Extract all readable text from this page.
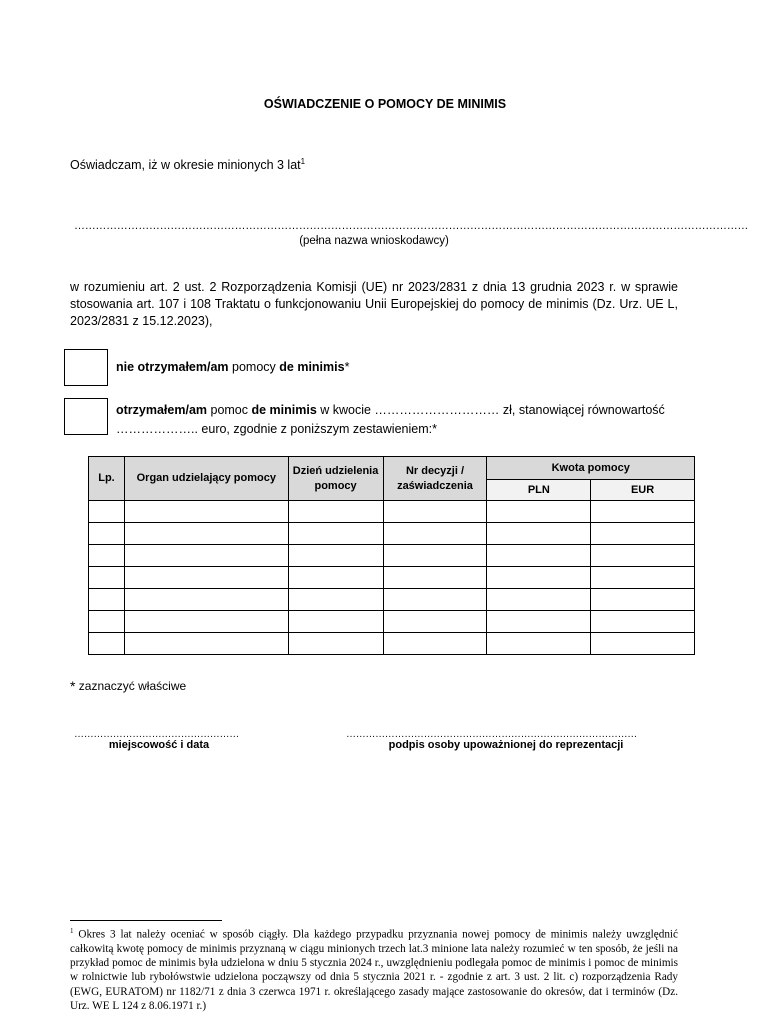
OŚWIADCZENIE O POMOCY DE MINIMIS
Oświadczam, iż w okresie minionych 3 lat$^1$
………………………………………………………………………………………………………………………………………………………………………
(pełna nazwa wnioskodawcy)
w rozumieniu art. 2 ust. 2 Rozporządzenia Komisji (UE) nr 2023/2831 z dnia 13 grudnia 2023 r. w sprawie stosowania art. 107 i 108 Traktatu o funkcjonowaniu Unii Europejskiej do pomocy de minimis (Dz. Urz. UE L, 2023/2831 z 15.12.2023),
nie otrzymałem/am pomocy de minimis*
otrzymałem/am pomoc de minimis w kwocie ………………………… zł, stanowiącej równowartość ……………….. euro, zgodnie z poniższym zestawieniem:*
Lp.	Organ udzielający pomocy	Dzień udzielenia pomocy	Nr decyzji / zaświadczenia	Kwota pomocy	
				PLN	EUR

* zaznaczyć właściwe
……………………………………………
miejscowość i data
………………………………………………………………………………
podpis osoby upoważnionej do reprezentacji
$^1$ Okres 3 lat należy oceniać w sposób ciągły. Dla każdego przypadku przyznania nowej pomocy de minimis należy uwzględnić całkowitą kwotę pomocy de minimis przyznaną w ciągu minionych trzech lat.3 minione lata należy rozumieć w ten sposób, że jeśli na przykład pomoc de minimis była udzielona w dniu 5 stycznia 2024 r., uwzględnieniu podlegała pomoc de minimis i pomoc de minimis w rolnictwie lub rybołówstwie udzielona począwszy od dnia 5 stycznia 2021 r. - zgodnie z art. 3 ust. 2 lit. c) rozporządzenia Rady (EWG, EURATOM) nr 1182/71 z dnia 3 czerwca 1971 r. określającego zasady mające zastosowanie do okresów, dat i terminów (Dz. Urz. WE L 124 z 8.06.1971 r.)
